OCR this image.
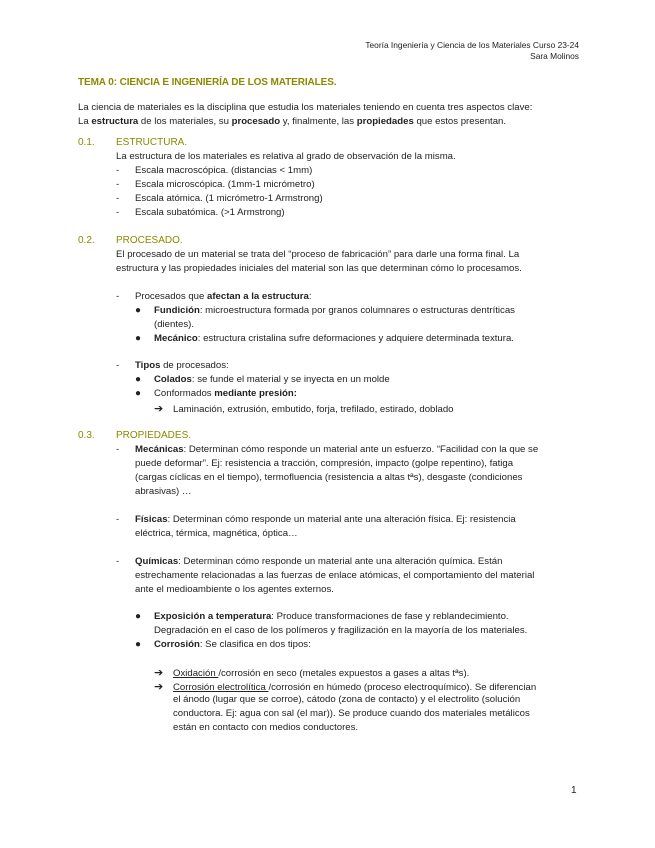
Teoría Ingeniería y Ciencia de los Materiales Curso 23-24
Sara Molinos
TEMA 0: CIENCIA E INGENIERÍA DE LOS MATERIALES.
La ciencia de materiales es la disciplina que estudia los materiales teniendo en cuenta tres aspectos clave:
La estructura de los materiales, su procesado y, finalmente, las propiedades que estos presentan.
0.1. ESTRUCTURA.
La estructura de los materiales es relativa al grado de observación de la misma.
- Escala macroscópica. (distancias < 1mm)
- Escala microscópica. (1mm-1 micrómetro)
- Escala atómica. (1 micrómetro-1 Armstrong)
- Escala subatómica. (>1 Armstrong)
0.2. PROCESADO.
El procesado de un material se trata del “proceso de fabricación” para darle una forma final. La
estructura y las propiedades iniciales del material son las que determinan cómo lo procesamos.
- Procesados que afectan a la estructura:
● Fundición: microestructura formada por granos columnares o estructuras dentríticas
(dientes).
● Mecánico: estructura cristalina sufre deformaciones y adquiere determinada textura.
- Tipos de procesados:
● Colados: se funde el material y se inyecta en un molde
● Conformados mediante presión:
➔ Laminación, extrusión, embutido, forja, trefilado, estirado, doblado
0.3. PROPIEDADES.
- Mecánicas: Determinan cómo responde un material ante un esfuerzo. “Facilidad con la que se
puede deformar”. Ej: resistencia a tracción, compresión, impacto (golpe repentino), fatiga
(cargas cíclicas en el tiempo), termofluencia (resistencia a altas tªs), desgaste (condiciones
abrasivas) …
- Físicas: Determinan cómo responde un material ante una alteración física. Ej: resistencia
eléctrica, térmica, magnética, óptica…
- Químicas: Determinan cómo responde un material ante una alteración química. Están
estrechamente relacionadas a las fuerzas de enlace atómicas, el comportamiento del material
ante el medioambiente o los agentes externos.
● Exposición a temperatura: Produce transformaciones de fase y reblandecimiento.
Degradación en el caso de los polímeros y fragilización en la mayoría de los materiales.
● Corrosión: Se clasifica en dos tipos:
➔ Oxidación /corrosión en seco (metales expuestos a gases a altas tªs).
➔ Corrosión electrolítica /corrosión en húmedo (proceso electroquímico). Se diferencian
el ánodo (lugar que se corroe), cátodo (zona de contacto) y el electrolito (solución
conductora. Ej: agua con sal (el mar)). Se produce cuando dos materiales metálicos
están en contacto con medios conductores.
1
